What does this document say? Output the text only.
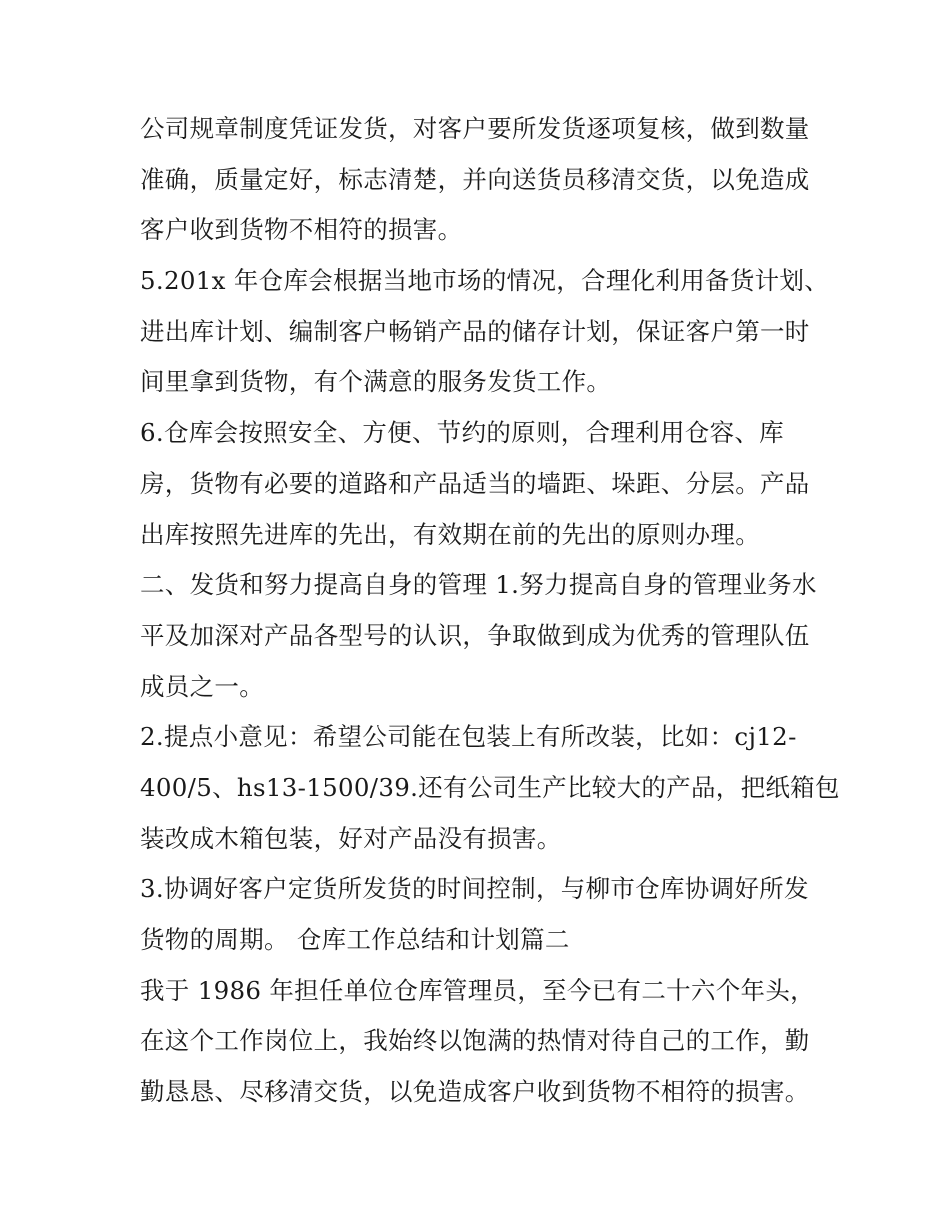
公司规章制度凭证发货，对客户要所发货逐项复核，做到数量
准确，质量定好，标志清楚，并向送货员移清交货，以免造成
客户收到货物不相符的损害。
5.201x 年仓库会根据当地市场的情况，合理化利用备货计划、
进出库计划、编制客户畅销产品的储存计划，保证客户第一时
间里拿到货物，有个满意的服务发货工作。
6.仓库会按照安全、方便、节约的原则，合理利用仓容、库
房，货物有必要的道路和产品适当的墙距、垛距、分层。产品
出库按照先进库的先出，有效期在前的先出的原则办理。
二、发货和努力提高自身的管理 1.努力提高自身的管理业务水
平及加深对产品各型号的认识，争取做到成为优秀的管理队伍
成员之一。
2.提点小意见：希望公司能在包装上有所改装，比如：cj12-
400/5、hs13-1500/39.还有公司生产比较大的产品，把纸箱包
装改成木箱包装，好对产品没有损害。
3.协调好客户定货所发货的时间控制，与柳市仓库协调好所发
货物的周期。 仓库工作总结和计划篇二
我于 1986 年担任单位仓库管理员，至今已有二十六个年头，
在这个工作岗位上，我始终以饱满的热情对待自己的工作，勤
勤恳恳、尽移清交货，以免造成客户收到货物不相符的损害。
